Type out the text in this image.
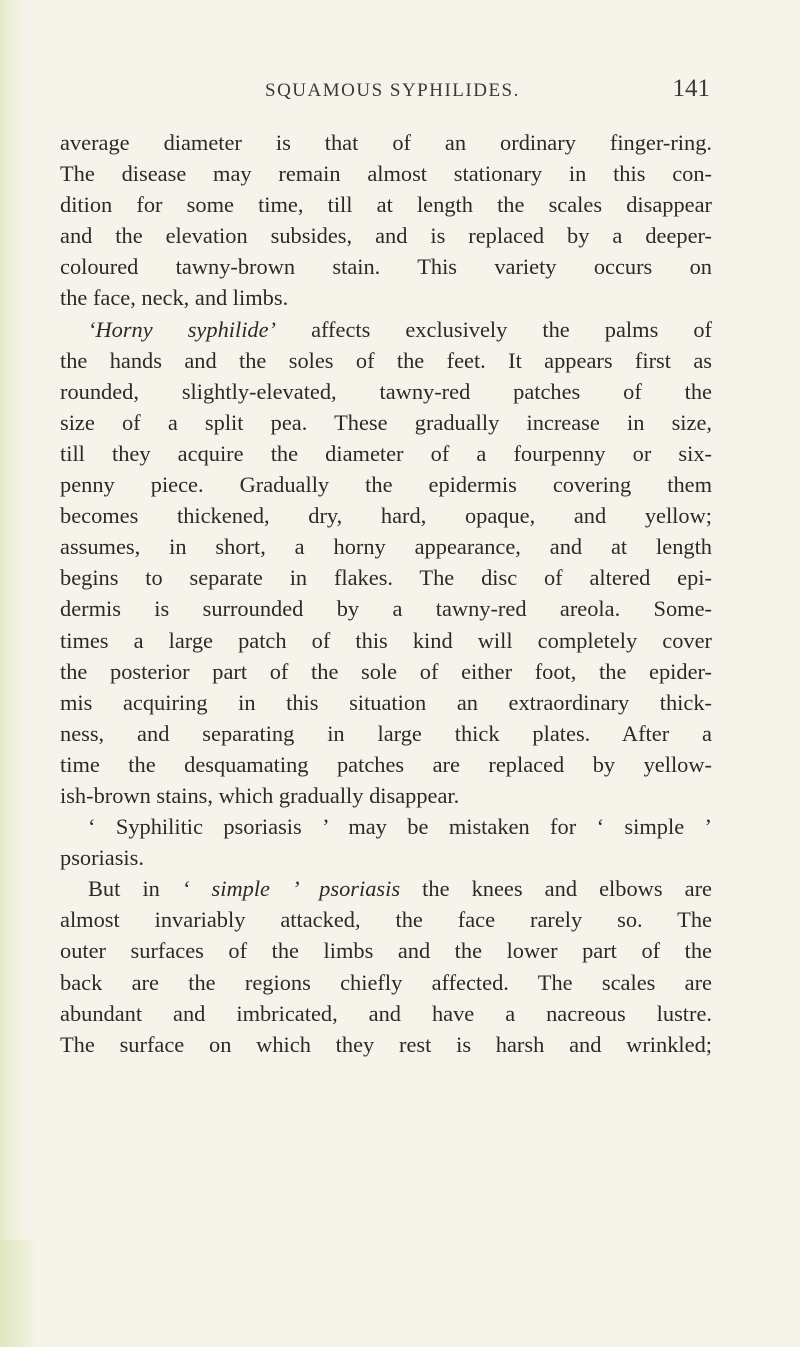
SQUAMOUS SYPHILIDES.	141
average diameter is that of an ordinary finger-ring.
The disease may remain almost stationary in this con-
dition for some time, till at length the scales disappear
and the elevation subsides, and is replaced by a deeper-
coloured tawny-brown stain. This variety occurs on
the face, neck, and limbs.
‘Horny syphilide’ affects exclusively the palms of
the hands and the soles of the feet. It appears first as
rounded, slightly-elevated, tawny-red patches of the
size of a split pea. These gradually increase in size,
till they acquire the diameter of a fourpenny or six-
penny piece. Gradually the epidermis covering them
becomes thickened, dry, hard, opaque, and yellow;
assumes, in short, a horny appearance, and at length
begins to separate in flakes. The disc of altered epi-
dermis is surrounded by a tawny-red areola. Some-
times a large patch of this kind will completely cover
the posterior part of the sole of either foot, the epider-
mis acquiring in this situation an extraordinary thick-
ness, and separating in large thick plates. After a
time the desquamating patches are replaced by yellow-
ish-brown stains, which gradually disappear.
‘ Syphilitic psoriasis ’ may be mistaken for ‘ simple ’
psoriasis.
But in ‘ simple ’ psoriasis the knees and elbows are
almost invariably attacked, the face rarely so. The
outer surfaces of the limbs and the lower part of the
back are the regions chiefly affected. The scales are
abundant and imbricated, and have a nacreous lustre.
The surface on which they rest is harsh and wrinkled;
